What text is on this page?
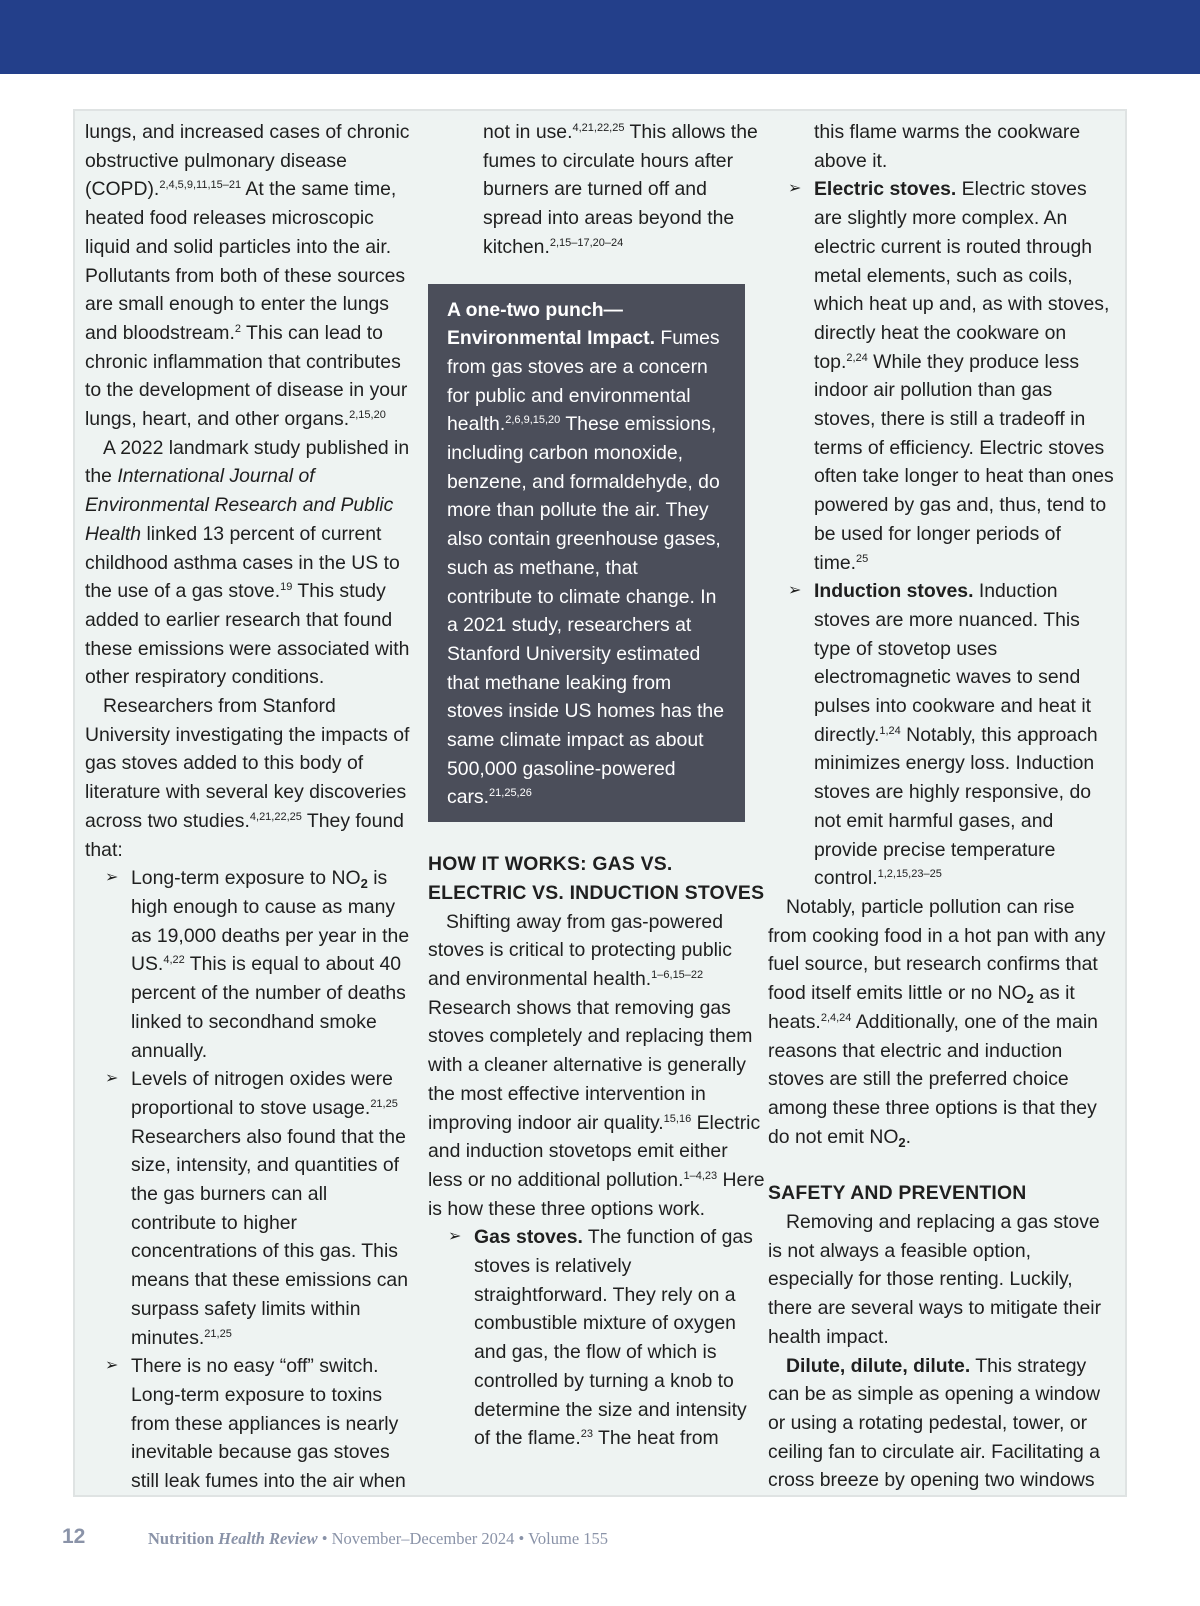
lungs, and increased cases of chronic obstructive pulmonary disease (COPD).$^{2,4,5,9,11,15-21}$ At the same time, heated food releases microscopic liquid and solid particles into the air. Pollutants from both of these sources are small enough to enter the lungs and bloodstream.$^2$ This can lead to chronic inflammation that contributes to the development of disease in your lungs, heart, and other organs.$^{2,15,20}$

A 2022 landmark study published in the International Journal of Environmental Research and Public Health linked 13 percent of current childhood asthma cases in the US to the use of a gas stove.$^{19}$ This study added to earlier research that found these emissions were associated with other respiratory conditions.

Researchers from Stanford University investigating the impacts of gas stoves added to this body of literature with several key discoveries across two studies.$^{4,21,22,25}$ They found that:

➢ Long-term exposure to $NO_2$ is high enough to cause as many as 19,000 deaths per year in the US.$^{4,22}$ This is equal to about 40 percent of the number of deaths linked to secondhand smoke annually.
➢ Levels of nitrogen oxides were proportional to stove usage.$^{21,25}$ Researchers also found that the size, intensity, and quantities of the gas burners can all contribute to higher concentrations of this gas. This means that these emissions can surpass safety limits within minutes.$^{21,25}$
➢ There is no easy “off” switch. Long-term exposure to toxins from these appliances is nearly inevitable because gas stoves still leak fumes into the air when
not in use.$^{4,21,22,25}$ This allows the fumes to circulate hours after burners are turned off and spread into areas beyond the kitchen.$^{2,15-17,20-24}$
A one-two punch—Environmental Impact. Fumes from gas stoves are a concern for public and environmental health.$^{2,6,9,15,20}$ These emissions, including carbon monoxide, benzene, and formaldehyde, do more than pollute the air. They also contain greenhouse gases, such as methane, that contribute to climate change. In a 2021 study, researchers at Stanford University estimated that methane leaking from stoves inside US homes has the same climate impact as about 500,000 gasoline-powered cars.$^{21,25,26}$

HOW IT WORKS: GAS VS. ELECTRIC VS. INDUCTION STOVES

Shifting away from gas-powered stoves is critical to protecting public and environmental health.$^{1-6,15-22}$ Research shows that removing gas stoves completely and replacing them with a cleaner alternative is generally the most effective intervention in improving indoor air quality.$^{15,16}$ Electric and induction stovetops emit either less or no additional pollution.$^{1-4,23}$ Here is how these three options work.

➢ Gas stoves. The function of gas stoves is relatively straightforward. They rely on a combustible mixture of oxygen and gas, the flow of which is controlled by turning a knob to determine the size and intensity of the flame.$^{23}$ The heat from
this flame warms the cookware above it.
➢ Electric stoves. Electric stoves are slightly more complex. An electric current is routed through metal elements, such as coils, which heat up and, as with stoves, directly heat the cookware on top.$^{2,24}$ While they produce less indoor air pollution than gas stoves, there is still a tradeoff in terms of efficiency. Electric stoves often take longer to heat than ones powered by gas and, thus, tend to be used for longer periods of time.$^{25}$
➢ Induction stoves. Induction stoves are more nuanced. This type of stovetop uses electromagnetic waves to send pulses into cookware and heat it directly.$^{1,24}$ Notably, this approach minimizes energy loss. Induction stoves are highly responsive, do not emit harmful gases, and provide precise temperature control.$^{1,2,15,23-25}$

Notably, particle pollution can rise from cooking food in a hot pan with any fuel source, but research confirms that food itself emits little or no $NO_2$ as it heats.$^{2,4,24}$ Additionally, one of the main reasons that electric and induction stoves are still the preferred choice among these three options is that they do not emit $NO_2$.

SAFETY AND PREVENTION

Removing and replacing a gas stove is not always a feasible option, especially for those renting. Luckily, there are several ways to mitigate their health impact.

Dilute, dilute, dilute. This strategy can be as simple as opening a window or using a rotating pedestal, tower, or ceiling fan to circulate air. Facilitating a cross breeze by opening two windows

12	Nutrition Health Review • November–December 2024 • Volume 155
